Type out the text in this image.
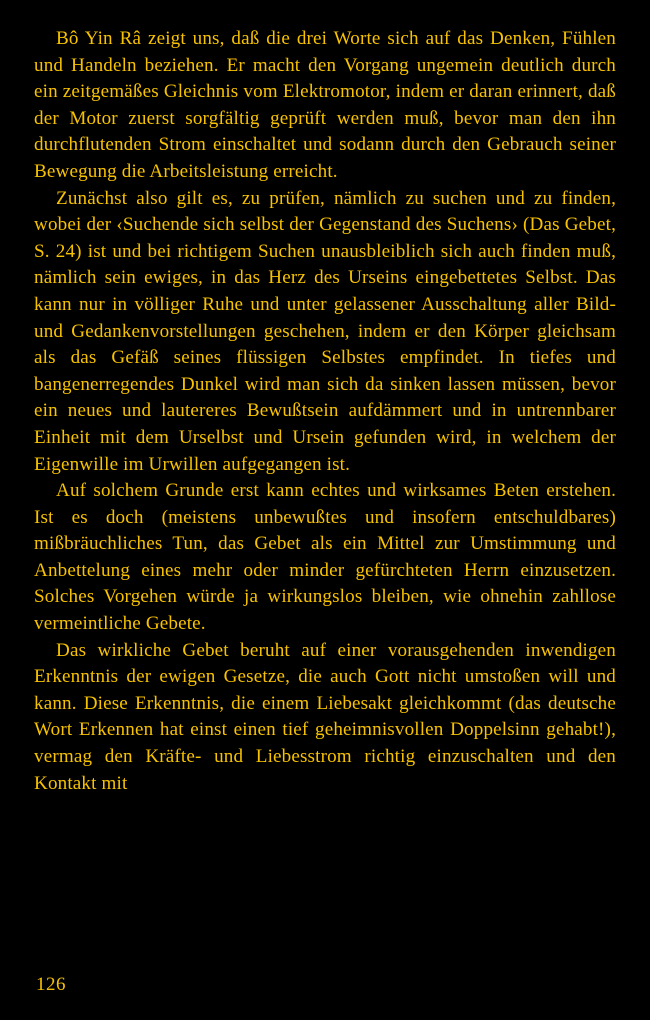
Bô Yin Râ zeigt uns, daß die drei Worte sich auf das Denken, Fühlen und Handeln beziehen. Er macht den Vorgang ungemein deutlich durch ein zeitgemäßes Gleichnis vom Elektromotor, indem er daran erinnert, daß der Motor zuerst sorgfältig geprüft werden muß, bevor man den ihn durchflutenden Strom einschaltet und sodann durch den Gebrauch seiner Bewegung die Arbeitsleistung erreicht.

Zunächst also gilt es, zu prüfen, nämlich zu suchen und zu finden, wobei der ‹Suchende sich selbst der Gegenstand des Suchens› (Das Gebet, S. 24) ist und bei richtigem Suchen unausbleiblich sich auch finden muß, nämlich sein ewiges, in das Herz des Urseins eingebettetes Selbst. Das kann nur in völliger Ruhe und unter gelassener Ausschaltung aller Bild- und Gedankenvorstellungen geschehen, indem er den Körper gleichsam als das Gefäß seines flüssigen Selbstes empfindet. In tiefes und bangenerregendes Dunkel wird man sich da sinken lassen müssen, bevor ein neues und lautereres Bewußtsein aufdämmert und in untrennbarer Einheit mit dem Urselbst und Ursein gefunden wird, in welchem der Eigenwille im Urwillen aufgegangen ist.

Auf solchem Grunde erst kann echtes und wirksames Beten erstehen. Ist es doch (meistens unbewußtes und insofern entschuldbares) mißbräuchliches Tun, das Gebet als ein Mittel zur Umstimmung und Anbettelung eines mehr oder minder gefürchteten Herrn einzusetzen. Solches Vorgehen würde ja wirkungslos bleiben, wie ohnehin zahllose vermeintliche Gebete.

Das wirkliche Gebet beruht auf einer vorausgehenden inwendigen Erkenntnis der ewigen Gesetze, die auch Gott nicht umstoßen will und kann. Diese Erkenntnis, die einem Liebesakt gleichkommt (das deutsche Wort Erkennen hat einst einen tief geheimnisvollen Doppelsinn gehabt!), vermag den Kräfte- und Liebesstrom richtig einzuschalten und den Kontakt mit

126
